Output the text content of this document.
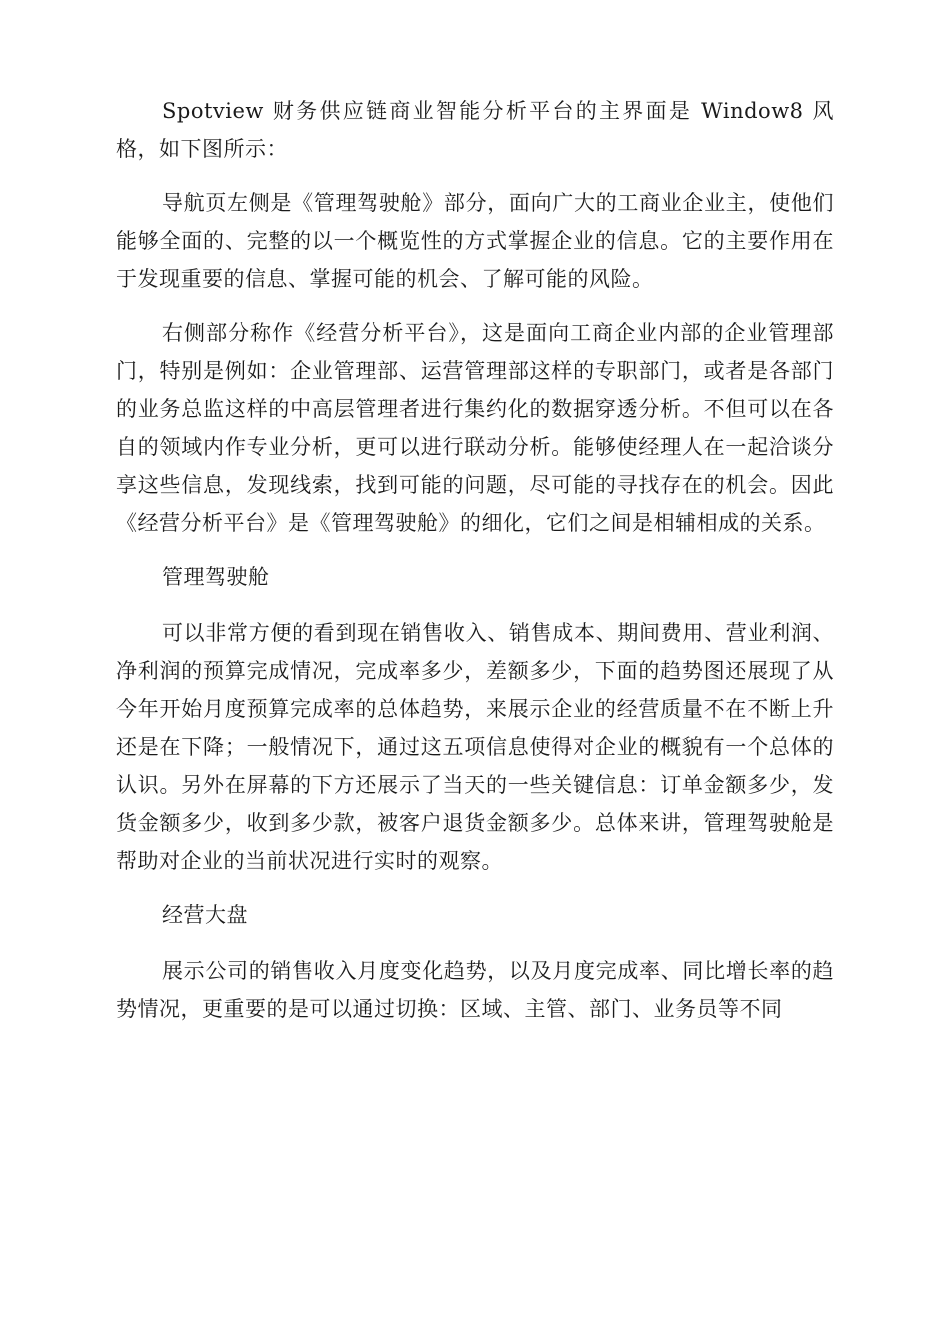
Spotview 财务供应链商业智能分析平台的主界面是 Window8 风格，如下图所示：

导航页左侧是《管理驾驶舱》部分，面向广大的工商业企业主，使他们能够全面的、完整的以一个概览性的方式掌握企业的信息。它的主要作用在于发现重要的信息、掌握可能的机会、了解可能的风险。

右侧部分称作《经营分析平台》，这是面向工商企业内部的企业管理部门，特别是例如：企业管理部、运营管理部这样的专职部门，或者是各部门的业务总监这样的中高层管理者进行集约化的数据穿透分析。不但可以在各自的领域内作专业分析，更可以进行联动分析。能够使经理人在一起洽谈分享这些信息，发现线索，找到可能的问题，尽可能的寻找存在的机会。因此《经营分析平台》是《管理驾驶舱》的细化，它们之间是相辅相成的关系。

管理驾驶舱

可以非常方便的看到现在销售收入、销售成本、期间费用、营业利润、净利润的预算完成情况，完成率多少，差额多少，下面的趋势图还展现了从今年开始月度预算完成率的总体趋势，来展示企业的经营质量不在不断上升还是在下降；一般情况下，通过这五项信息使得对企业的概貌有一个总体的认识。另外在屏幕的下方还展示了当天的一些关键信息：订单金额多少，发货金额多少，收到多少款，被客户退货金额多少。总体来讲，管理驾驶舱是帮助对企业的当前状况进行实时的观察。

经营大盘

展示公司的销售收入月度变化趋势，以及月度完成率、同比增长率的趋势情况，更重要的是可以通过切换：区域、主管、部门、业务员等不同
